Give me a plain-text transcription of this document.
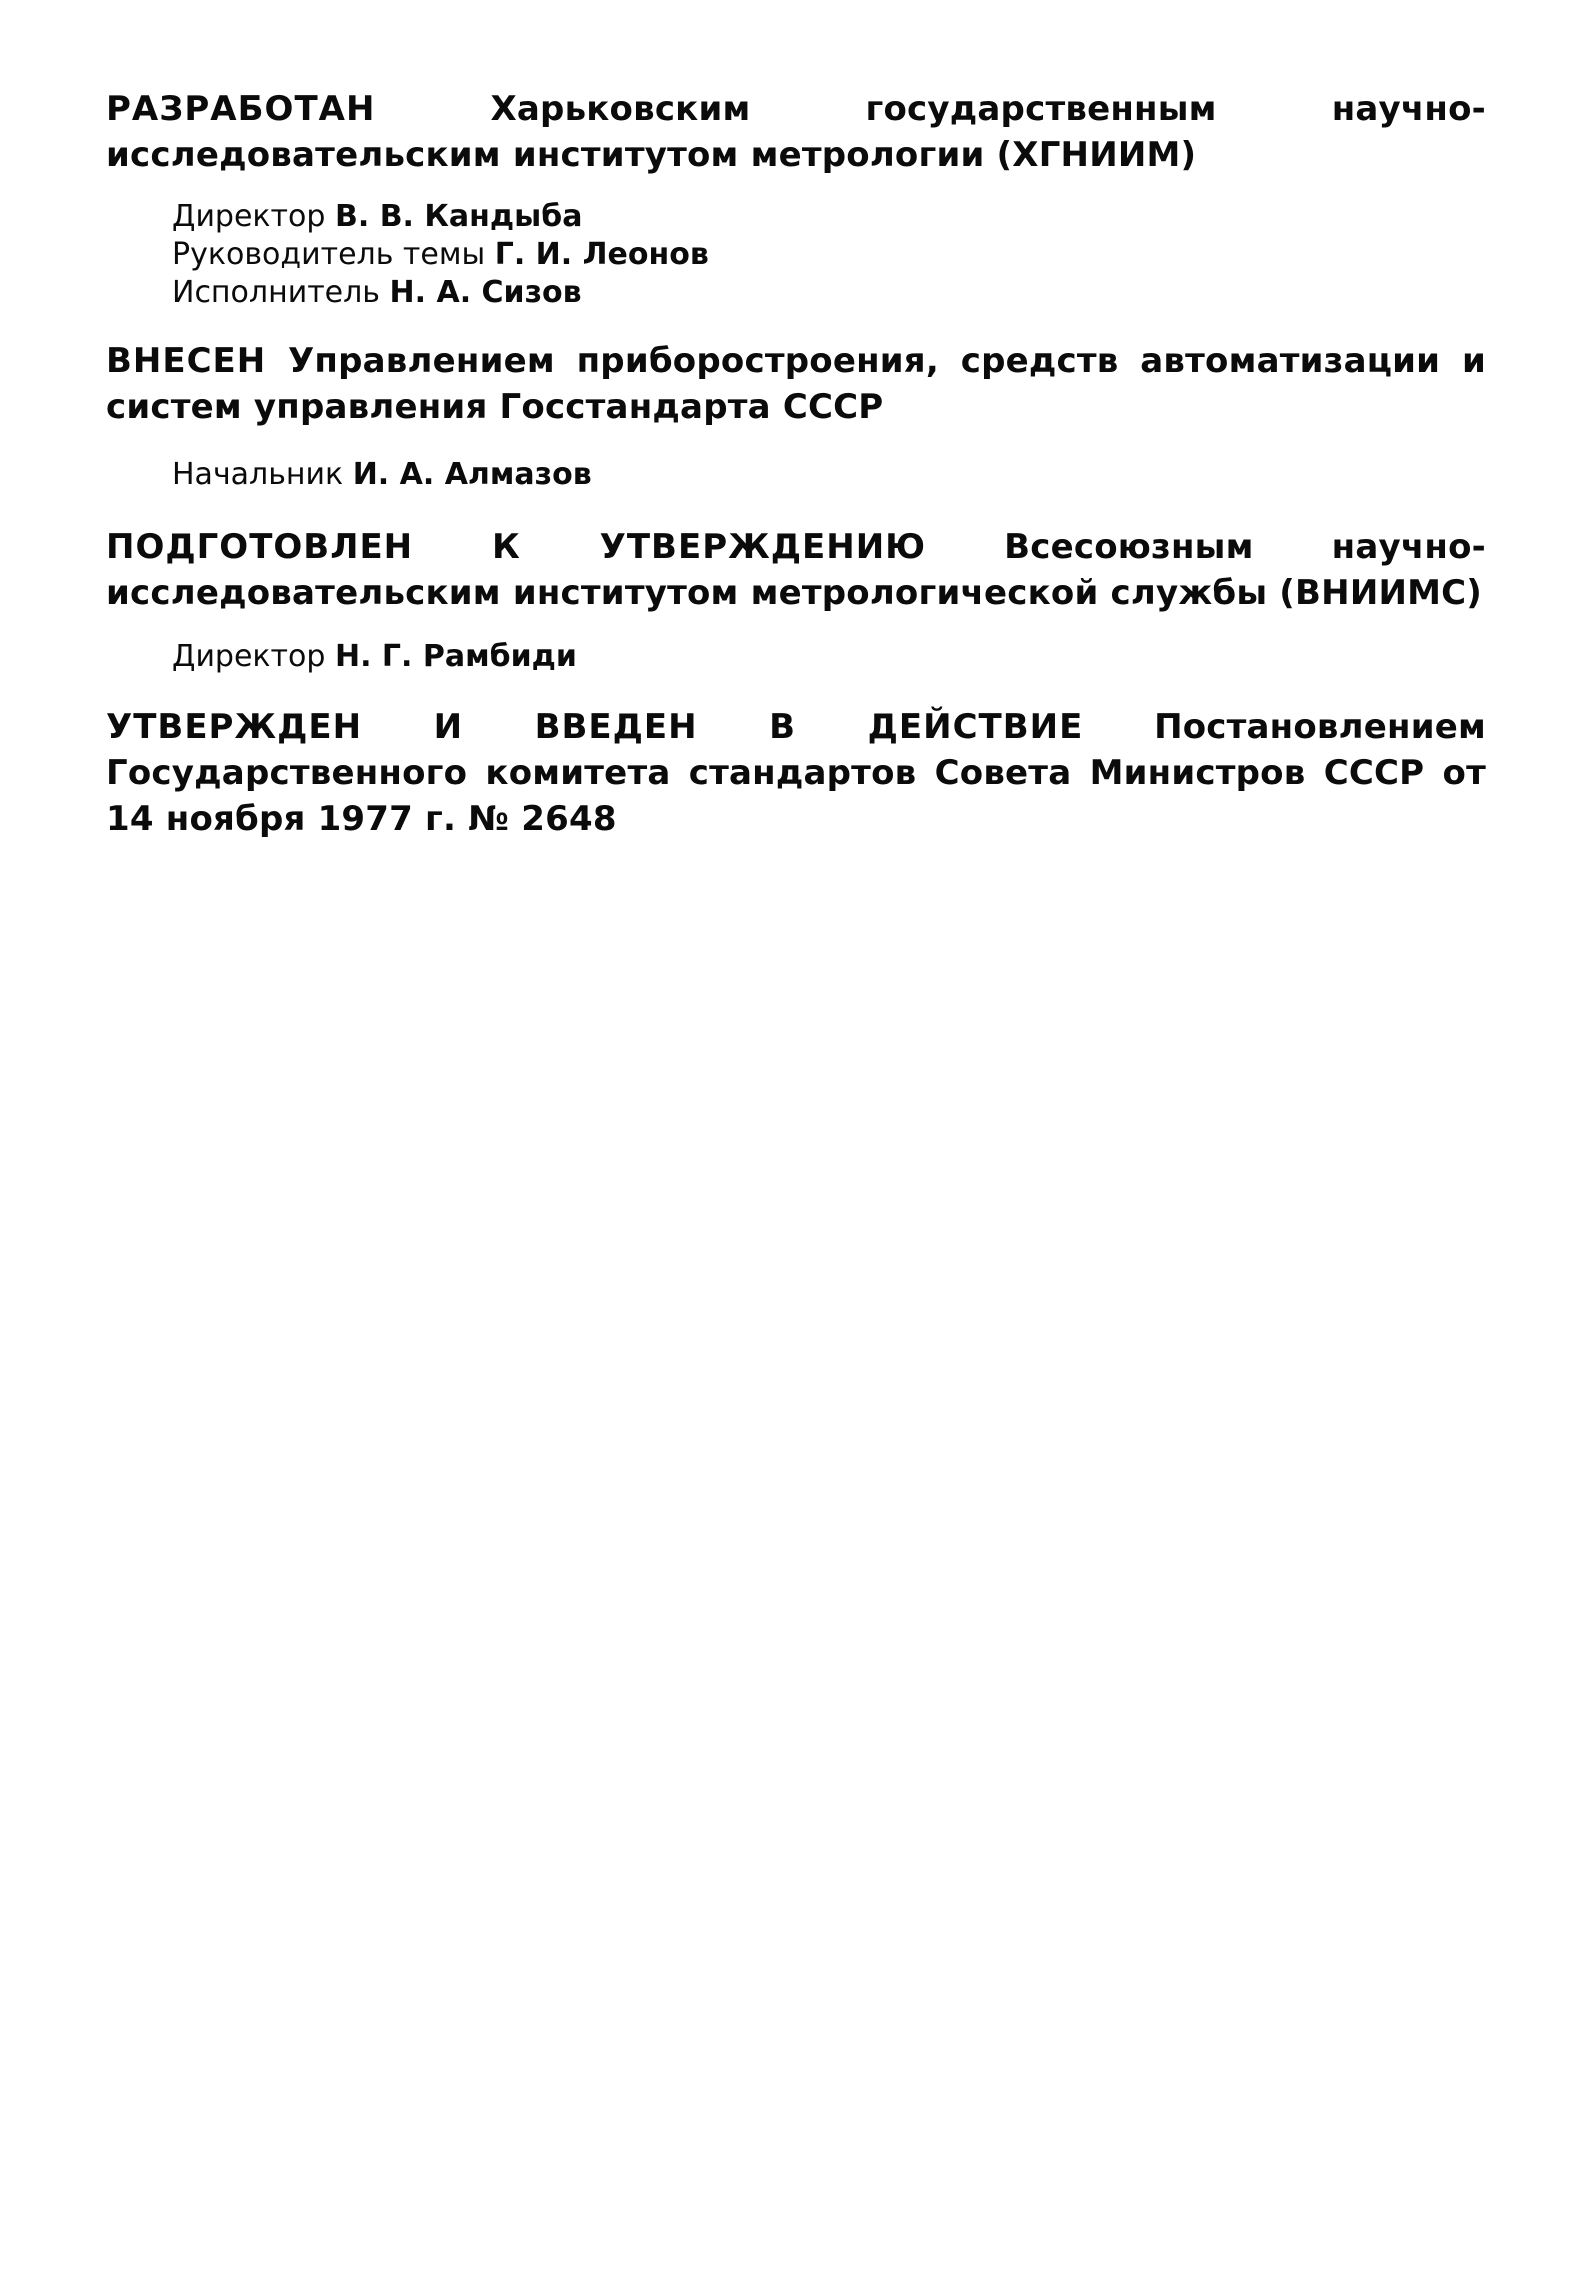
РАЗРАБОТАН	Харьковским государственным научно-исследовательским институтом метрологии (ХГНИИМ)

Директор В. В. Кандыба
Руководитель темы Г. И. Леонов
Исполнитель Н. А. Сизов

ВНЕСЕН Управлением приборостроения, средств автоматизации и систем управления Госстандарта СССР

Начальник И. А. Алмазов

ПОДГОТОВЛЕН К УТВЕРЖДЕНИЮ Всесоюзным научно-исследовательским институтом метрологической службы (ВНИИМС)

Директор Н. Г. Рамбиди

УТВЕРЖДЕН И ВВЕДЕН В ДЕЙСТВИЕ Постановлением Государственного комитета стандартов Совета Министров СССР от 14 ноября 1977 г. № 2648
